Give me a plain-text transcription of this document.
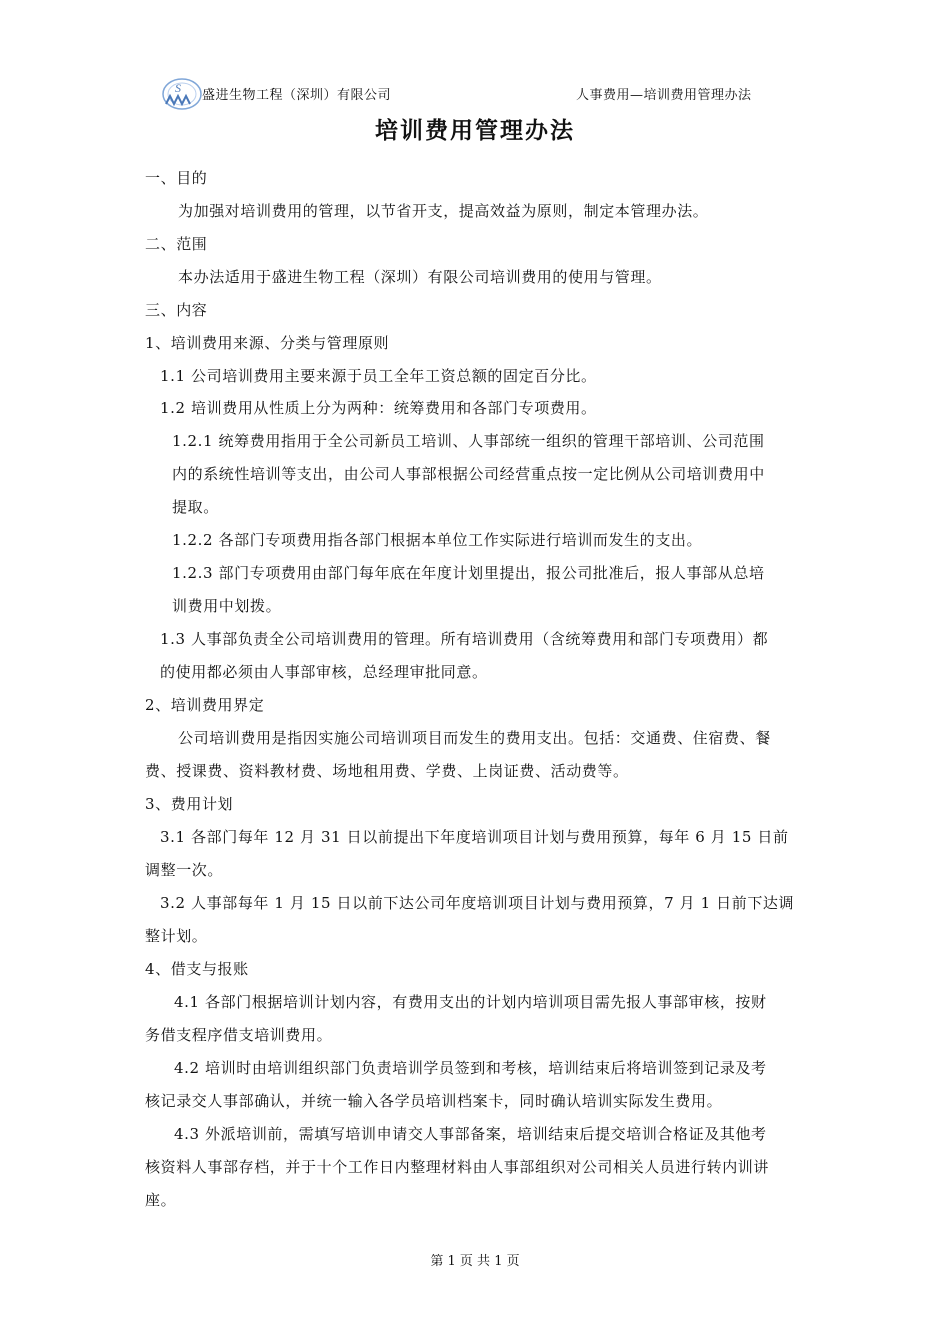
S 盛进生物工程（深圳）有限公司	人事费用—培训费用管理办法
培训费用管理办法
一、目的
为加强对培训费用的管理，以节省开支，提高效益为原则，制定本管理办法。
二、范围
本办法适用于盛进生物工程（深圳）有限公司培训费用的使用与管理。
三、内容
1、培训费用来源、分类与管理原则
1.1 公司培训费用主要来源于员工全年工资总额的固定百分比。
1.2 培训费用从性质上分为两种：统筹费用和各部门专项费用。
1.2.1 统筹费用指用于全公司新员工培训、人事部统一组织的管理干部培训、公司范围
内的系统性培训等支出，由公司人事部根据公司经营重点按一定比例从公司培训费用中
提取。
1.2.2 各部门专项费用指各部门根据本单位工作实际进行培训而发生的支出。
1.2.3 部门专项费用由部门每年底在年度计划里提出，报公司批准后，报人事部从总培
训费用中划拨。
1.3 人事部负责全公司培训费用的管理。所有培训费用（含统筹费用和部门专项费用）都
的使用都必须由人事部审核，总经理审批同意。
2、培训费用界定
公司培训费用是指因实施公司培训项目而发生的费用支出。包括：交通费、住宿费、餐
费、授课费、资料教材费、场地租用费、学费、上岗证费、活动费等。
3、费用计划
3.1 各部门每年 12 月 31 日以前提出下年度培训项目计划与费用预算，每年 6 月 15 日前
调整一次。
3.2 人事部每年 1 月 15 日以前下达公司年度培训项目计划与费用预算，7 月 1 日前下达调
整计划。
4、借支与报账
4.1 各部门根据培训计划内容，有费用支出的计划内培训项目需先报人事部审核，按财
务借支程序借支培训费用。
4.2 培训时由培训组织部门负责培训学员签到和考核，培训结束后将培训签到记录及考
核记录交人事部确认，并统一输入各学员培训档案卡，同时确认培训实际发生费用。
4.3 外派培训前，需填写培训申请交人事部备案，培训结束后提交培训合格证及其他考
核资料人事部存档，并于十个工作日内整理材料由人事部组织对公司相关人员进行转内训讲
座。
第 1 页 共 1 页
